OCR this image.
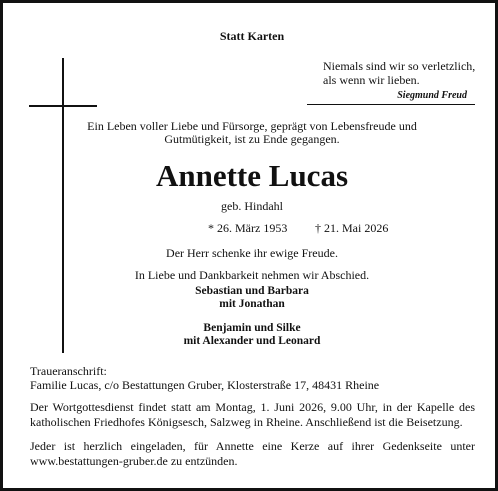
Statt Karten
Niemals sind wir so verletzlich,
als wenn wir lieben.
Siegmund Freud
Ein Leben voller Liebe und Fürsorge, geprägt von Lebensfreude und
Gutmütigkeit, ist zu Ende gegangen.
Annette Lucas
geb. Hindahl
* 26. März 1953 † 21. Mai 2026
Der Herr schenke ihr ewige Freude.
In Liebe und Dankbarkeit nehmen wir Abschied.
Sebastian und Barbara
mit Jonathan
Benjamin und Silke
mit Alexander und Leonard
Traueranschrift:
Familie Lucas, c/o Bestattungen Gruber, Klosterstraße 17, 48431 Rheine
Der Wortgottesdienst findet statt am Montag, 1. Juni 2026, 9.00 Uhr, in der Kapelle des
katholischen Friedhofes Königsesch, Salzweg in Rheine. Anschließend ist die Beisetzung.
Jeder ist herzlich eingeladen, für Annette eine Kerze auf ihrer Gedenkseite unter
www.bestattungen-gruber.de zu entzünden.
